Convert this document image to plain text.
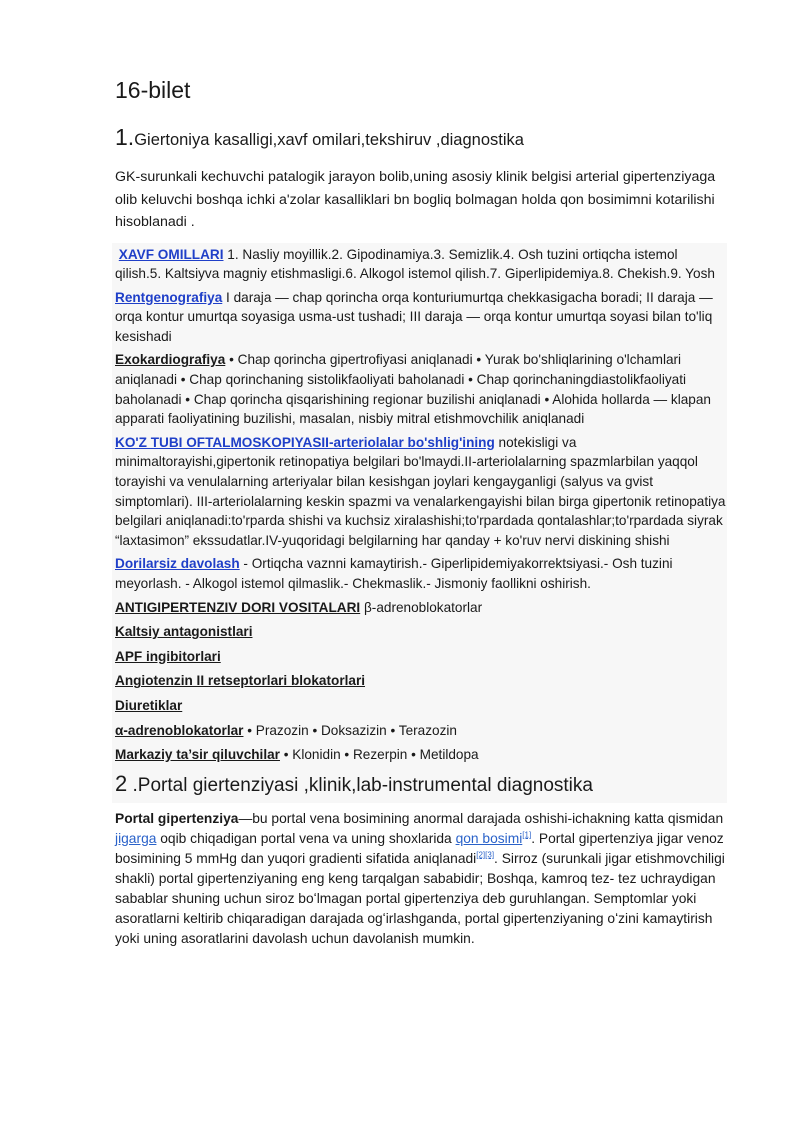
16-bilet
1.Giertoniya kasalligi,xavf omilari,tekshiruv ,diagnostika

GK-surunkali kechuvchi patalogik jarayon bolib,uning asosiy klinik belgisi arterial gipertenziyaga olib keluvchi boshqa ichki a'zolar kasalliklari bn bogliq bolmagan holda qon bosimimni kotarilishi hisoblanadi .

XAVF OMILLARI 1. Nasliy moyillik.2. Gipodinamiya.3. Semizlik.4. Osh tuzini ortiqcha istemol qilish.5. Kaltsiyva magniy etishmasligi.6. Alkogol istemol qilish.7. Giperlipidemiya.8. Chekish.9. Yosh

Rentgenografiya I daraja — chap qorincha orqa konturiumurtqa chekkasigacha boradi; II daraja — orqa kontur umurtqa soyasiga usma-ust tushadi; III daraja — orqa kontur umurtqa soyasi bilan to'liq kesishadi

Exokardiografiya • Chap qorincha gipertrofiyasi aniqlanadi • Yurak bo'shliqlarining o'lchamlari aniqlanadi • Chap qorinchaning sistolikfaoliyati baholanadi • Chap qorinchaningdiastolikfaoliyati baholanadi • Chap qorincha qisqarishining regionar buzilishi aniqlanadi • Alohida hollarda — klapan apparati faoliyatining buzilishi, masalan, nisbiy mitral etishmovchilik aniqlanadi

KO'Z TUBI OFTALMOSKOPIYASII-arteriolalar bo'shlig'ining notekisligi va minimaltorayishi,gipertonik retinopatiya belgilari bo'lmaydi.II-arteriolalarning spazmlarbilan yaqqol torayishi va venulalarning arteriyalar bilan kesishgan joylari kengayganligi (salyus va gvist simptomlari). III-arteriolalarning keskin spazmi va venalarkengayishi bilan birga gipertonik retinopatiya belgilari aniqlanadi:to'rparda shishi va kuchsiz xiralashishi;to'rpardada qontalashlar;to'rpardada siyrak “laxtasimon” ekssudatlar.IV-yuqoridagi belgilarning har qanday + ko'ruv nervi diskining shishi

Dorilarsiz davolash - Ortiqcha vaznni kamaytirish.- Giperlipidemiyakorrektsiyasi.- Osh tuzini meyorlash. - Alkogol istemol qilmaslik.- Chekmaslik.- Jismoniy faollikni oshirish.

ANTIGIPERTENZIV DORI VOSITALARI β-adrenoblokatorlar

Kaltsiy antagonistlari

APF ingibitorlari

Angiotenzin II retseptorlari blokatorlari

Diuretiklar

α-adrenoblokatorlar • Prazozin • Doksazizin • Terazozin

Markaziy ta’sir qiluvchilar • Klonidin • Rezerpin • Metildopa

2 .Portal giertenziyasi ,klinik,lab-instrumental diagnostika

Portal gipertenziya—bu portal vena bosimining anormal darajada oshishi-ichakning katta qismidan jigarga oqib chiqadigan portal vena va uning shoxlarida qon bosimi[1]. Portal gipertenziya jigar venoz bosimining 5 mmHg dan yuqori gradienti sifatida aniqlanadi[2][3]. Sirroz (surunkali jigar etishmovchiligi shakli) portal gipertenziyaning eng keng tarqalgan sababidir; Boshqa, kamroq tez- tez uchraydigan sabablar shuning uchun siroz boʻlmagan portal gipertenziya deb guruhlangan. Semptomlar yoki asoratlarni keltirib chiqaradigan darajada ogʻirlashganda, portal gipertenziyaning oʻzini kamaytirish yoki uning asoratlarini davolash uchun davolanish mumkin.
